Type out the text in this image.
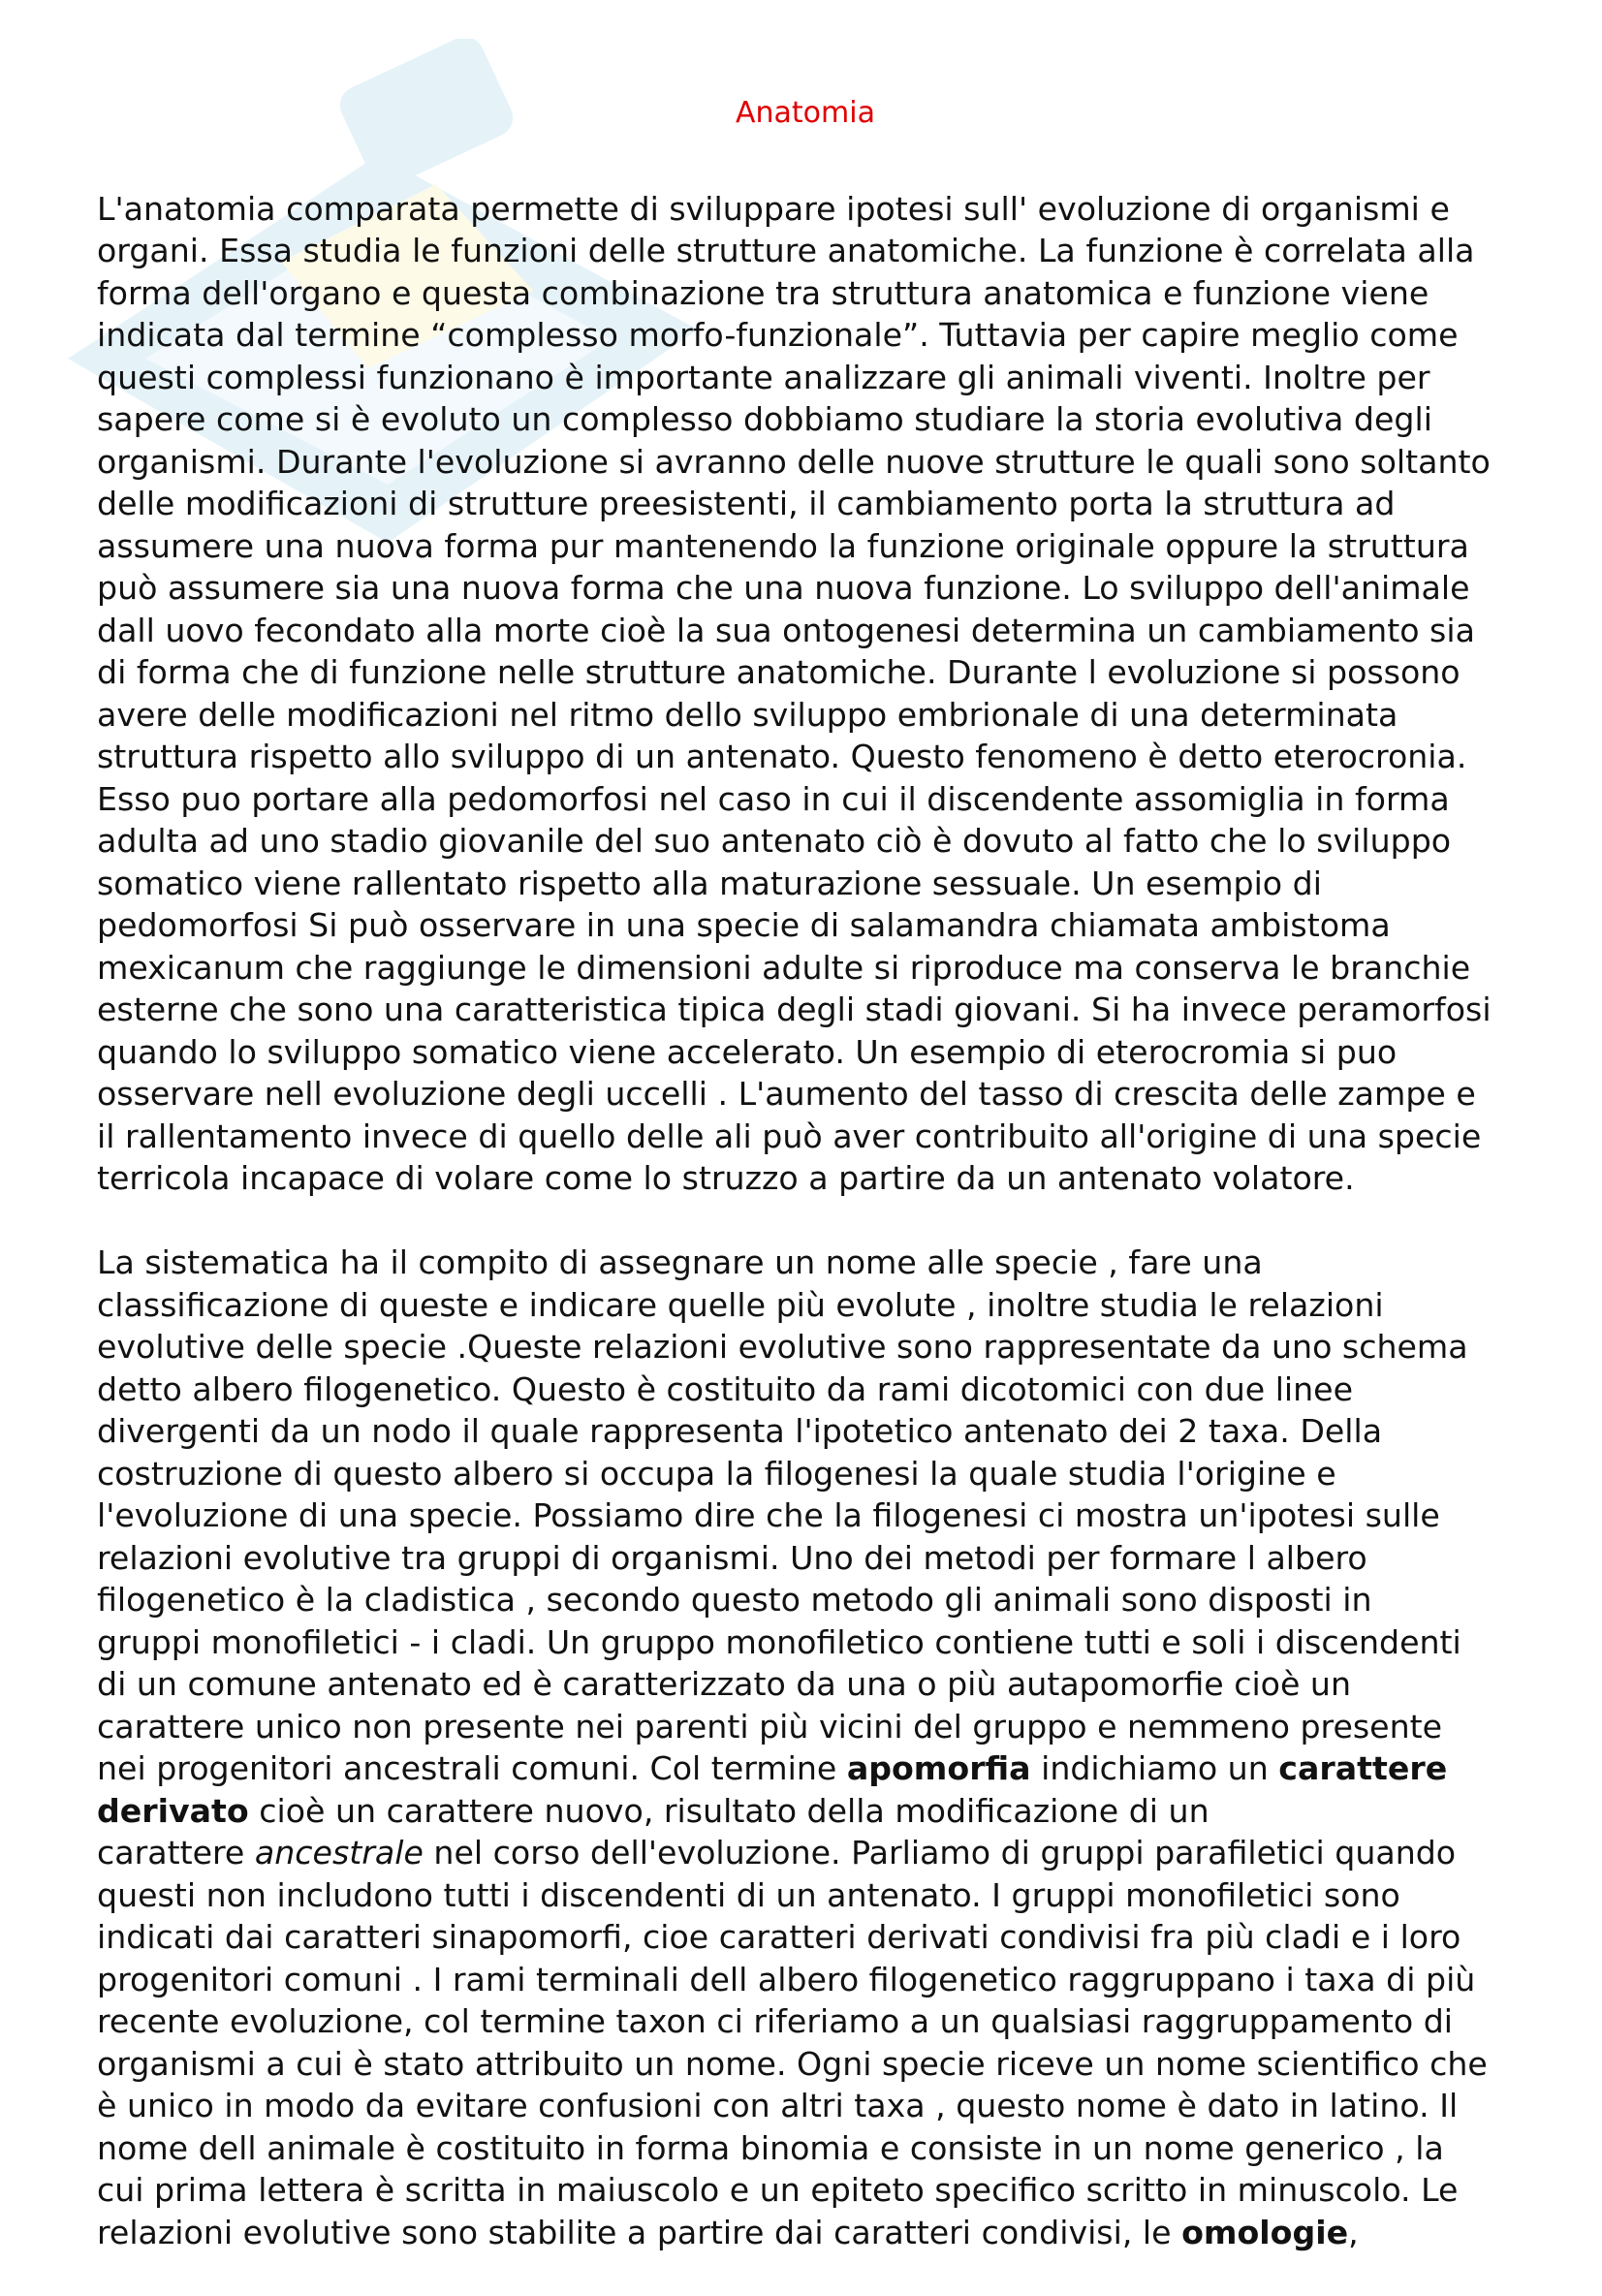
Anatomia

L'anatomia comparata permette di sviluppare ipotesi sull' evoluzione di organismi e
organi. Essa studia le funzioni delle strutture anatomiche. La funzione è correlata alla
forma dell'organo e questa combinazione tra struttura anatomica e funzione viene
indicata dal termine “complesso morfo-funzionale”. Tuttavia per capire meglio come
questi complessi funzionano è importante analizzare gli animali viventi. Inoltre per
sapere come si è evoluto un complesso dobbiamo studiare la storia evolutiva degli
organismi. Durante l'evoluzione si avranno delle nuove strutture le quali sono soltanto
delle modificazioni di strutture preesistenti, il cambiamento porta la struttura ad
assumere una nuova forma pur mantenendo la funzione originale oppure la struttura
può assumere sia una nuova forma che una nuova funzione. Lo sviluppo dell'animale
dall uovo fecondato alla morte cioè la sua ontogenesi determina un cambiamento sia
di forma che di funzione nelle strutture anatomiche. Durante l evoluzione si possono
avere delle modificazioni nel ritmo dello sviluppo embrionale di una determinata
struttura rispetto allo sviluppo di un antenato. Questo fenomeno è detto eterocronia.
Esso puo portare alla pedomorfosi nel caso in cui il discendente assomiglia in forma
adulta ad uno stadio giovanile del suo antenato ciò è dovuto al fatto che lo sviluppo
somatico viene rallentato rispetto alla maturazione sessuale. Un esempio di
pedomorfosi Si può osservare in una specie di salamandra chiamata ambistoma
mexicanum che raggiunge le dimensioni adulte si riproduce ma conserva le branchie
esterne che sono una caratteristica tipica degli stadi giovani. Si ha invece peramorfosi
quando lo sviluppo somatico viene accelerato. Un esempio di eterocromia si puo
osservare nell evoluzione degli uccelli . L'aumento del tasso di crescita delle zampe e
il rallentamento invece di quello delle ali può aver contribuito all'origine di una specie
terricola incapace di volare come lo struzzo a partire da un antenato volatore.

La sistematica ha il compito di assegnare un nome alle specie , fare una
classificazione di queste e indicare quelle più evolute , inoltre studia le relazioni
evolutive delle specie .Queste relazioni evolutive sono rappresentate da uno schema
detto albero filogenetico. Questo è costituito da rami dicotomici con due linee
divergenti da un nodo il quale rappresenta l'ipotetico antenato dei 2 taxa. Della
costruzione di questo albero si occupa la filogenesi la quale studia l'origine e
l'evoluzione di una specie. Possiamo dire che la filogenesi ci mostra un'ipotesi sulle
relazioni evolutive tra gruppi di organismi. Uno dei metodi per formare l albero
filogenetico è la cladistica , secondo questo metodo gli animali sono disposti in
gruppi monofiletici - i cladi. Un gruppo monofiletico contiene tutti e soli i discendenti
di un comune antenato ed è caratterizzato da una o più autapomorfie cioè un
carattere unico non presente nei parenti più vicini del gruppo e nemmeno presente
nei progenitori ancestrali comuni. Col termine apomorfia indichiamo un carattere
derivato cioè un carattere nuovo, risultato della modificazione di un
carattere ancestrale nel corso dell'evoluzione. Parliamo di gruppi parafiletici quando
questi non includono tutti i discendenti di un antenato. I gruppi monofiletici sono
indicati dai caratteri sinapomorfi, cioe caratteri derivati condivisi fra più cladi e i loro
progenitori comuni . I rami terminali dell albero filogenetico raggruppano i taxa di più
recente evoluzione, col termine taxon ci riferiamo a un qualsiasi raggruppamento di
organismi a cui è stato attribuito un nome. Ogni specie riceve un nome scientifico che
è unico in modo da evitare confusioni con altri taxa , questo nome è dato in latino. Il
nome dell animale è costituito in forma binomia e consiste in un nome generico , la
cui prima lettera è scritta in maiuscolo e un epiteto specifico scritto in minuscolo. Le
relazioni evolutive sono stabilite a partire dai caratteri condivisi, le omologie,
